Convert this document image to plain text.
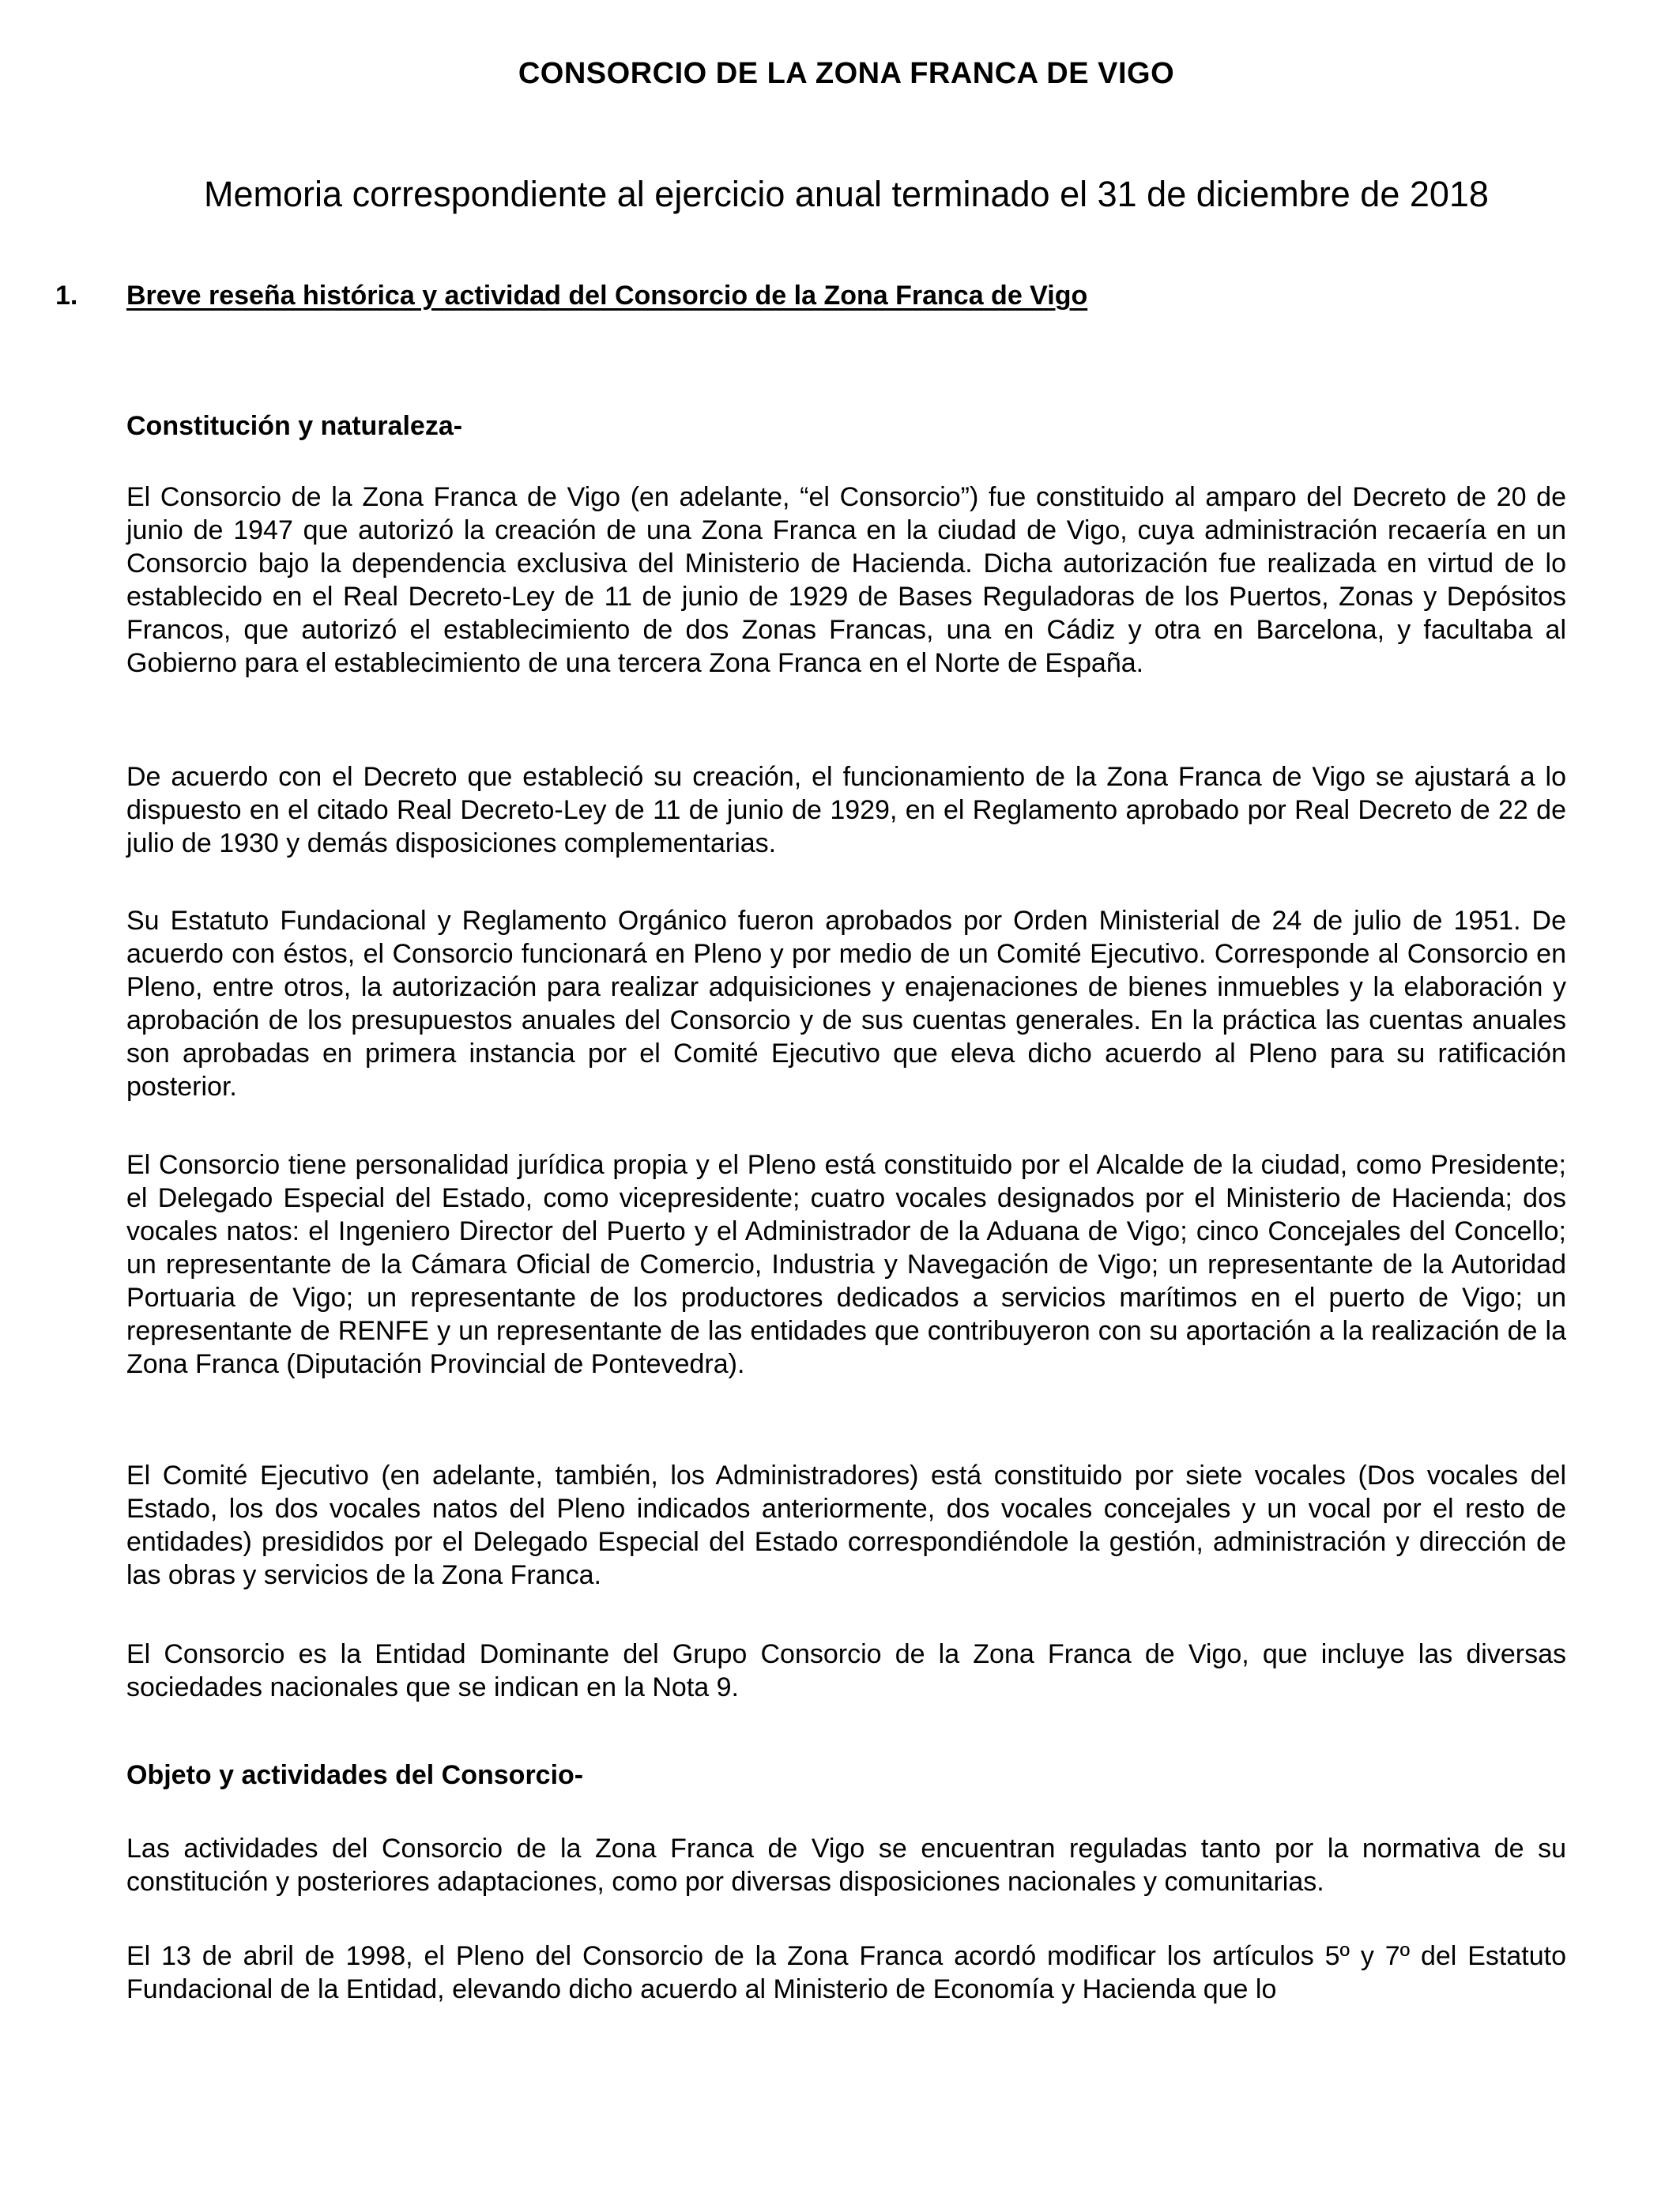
CONSORCIO DE LA ZONA FRANCA DE VIGO
Memoria correspondiente al ejercicio anual terminado el 31 de diciembre de 2018
1. Breve reseña histórica y actividad del Consorcio de la Zona Franca de Vigo
Constitución y naturaleza-

El Consorcio de la Zona Franca de Vigo (en adelante, “el Consorcio”) fue constituido al amparo del Decreto de 20 de junio de 1947 que autorizó la creación de una Zona Franca en la ciudad de Vigo, cuya administración recaería en un Consorcio bajo la dependencia exclusiva del Ministerio de Hacienda. Dicha autorización fue realizada en virtud de lo establecido en el Real Decreto-Ley de 11 de junio de 1929 de Bases Reguladoras de los Puertos, Zonas y Depósitos Francos, que autorizó el establecimiento de dos Zonas Francas, una en Cádiz y otra en Barcelona, y facultaba al Gobierno para el establecimiento de una tercera Zona Franca en el Norte de España.

De acuerdo con el Decreto que estableció su creación, el funcionamiento de la Zona Franca de Vigo se ajustará a lo dispuesto en el citado Real Decreto-Ley de 11 de junio de 1929, en el Reglamento aprobado por Real Decreto de 22 de julio de 1930 y demás disposiciones complementarias.

Su Estatuto Fundacional y Reglamento Orgánico fueron aprobados por Orden Ministerial de 24 de julio de 1951. De acuerdo con éstos, el Consorcio funcionará en Pleno y por medio de un Comité Ejecutivo. Corresponde al Consorcio en Pleno, entre otros, la autorización para realizar adquisiciones y enajenaciones de bienes inmuebles y la elaboración y aprobación de los presupuestos anuales del Consorcio y de sus cuentas generales. En la práctica las cuentas anuales son aprobadas en primera instancia por el Comité Ejecutivo que eleva dicho acuerdo al Pleno para su ratificación posterior.

El Consorcio tiene personalidad jurídica propia y el Pleno está constituido por el Alcalde de la ciudad, como Presidente; el Delegado Especial del Estado, como vicepresidente; cuatro vocales designados por el Ministerio de Hacienda; dos vocales natos: el Ingeniero Director del Puerto y el Administrador de la Aduana de Vigo; cinco Concejales del Concello; un representante de la Cámara Oficial de Comercio, Industria y Navegación de Vigo; un representante de la Autoridad Portuaria de Vigo; un representante de los productores dedicados a servicios marítimos en el puerto de Vigo; un representante de RENFE y un representante de las entidades que contribuyeron con su aportación a la realización de la Zona Franca (Diputación Provincial de Pontevedra).

El Comité Ejecutivo (en adelante, también, los Administradores) está constituido por siete vocales (Dos vocales del Estado, los dos vocales natos del Pleno indicados anteriormente, dos vocales concejales y un vocal por el resto de entidades) presididos por el Delegado Especial del Estado correspondiéndole la gestión, administración y dirección de las obras y servicios de la Zona Franca.

El Consorcio es la Entidad Dominante del Grupo Consorcio de la Zona Franca de Vigo, que incluye las diversas sociedades nacionales que se indican en la Nota 9.

Objeto y actividades del Consorcio-

Las actividades del Consorcio de la Zona Franca de Vigo se encuentran reguladas tanto por la normativa de su constitución y posteriores adaptaciones, como por diversas disposiciones nacionales y comunitarias.

El 13 de abril de 1998, el Pleno del Consorcio de la Zona Franca acordó modificar los artículos 5º y 7º del Estatuto Fundacional de la Entidad, elevando dicho acuerdo al Ministerio de Economía y Hacienda que lo
